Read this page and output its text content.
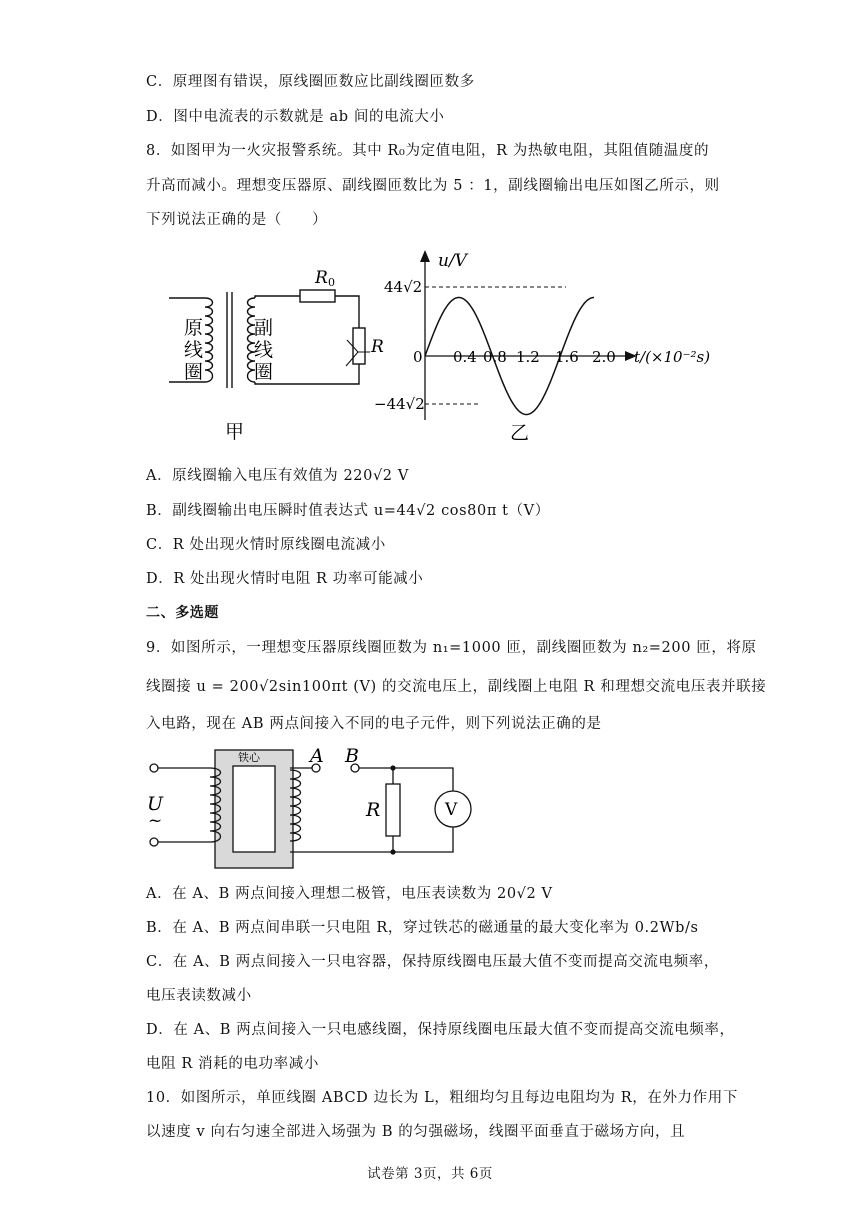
C．原理图有错误，原线圈匝数应比副线圈匝数多
D．图中电流表的示数就是 ab 间的电流大小
8．如图甲为一火灾报警系统。其中 R₀为定值电阻，R 为热敏电阻，其阻值随温度的
升高而减小。理想变压器原、副线圈匝数比为 5 ：1，副线圈输出电压如图乙所示，则
下列说法正确的是（　　）
R 0
R
原
线
圈
副
线
圈
甲
u/V
0
44√2
−44√2
0.4 0.8 1.2 1.6 2.0 t/(×10⁻²s)
乙
A．原线圈输入电压有效值为 220√2 V
B．副线圈输出电压瞬时值表达式 u=44√2 cos80π t（V）
C．R 处出现火情时原线圈电流减小
D．R 处出现火情时电阻 R 功率可能减小
二、多选题
9．如图所示，一理想变压器原线圈匝数为 n₁=1000 匝，副线圈匝数为 n₂=200 匝，将原
线圈接 u = 200√2sin100πt (V) 的交流电压上，副线圈上电阻 R 和理想交流电压表并联接
入电路，现在 AB 两点间接入不同的电子元件，则下列说法正确的是
铁心	A B
U
~	R	V
A．在 A、B 两点间接入理想二极管，电压表读数为 20√2 V
B．在 A、B 两点间串联一只电阻 R，穿过铁芯的磁通量的最大变化率为 0.2Wb/s
C．在 A、B 两点间接入一只电容器，保持原线圈电压最大值不变而提高交流电频率，
电压表读数减小
D．在 A、B 两点间接入一只电感线圈，保持原线圈电压最大值不变而提高交流电频率，
电阻 R 消耗的电功率减小
10．如图所示，单匝线圈 ABCD 边长为 L，粗细均匀且每边电阻均为 R，在外力作用下
以速度 v 向右匀速全部进入场强为 B 的匀强磁场，线圈平面垂直于磁场方向，且
试卷第 3页，共 6页
